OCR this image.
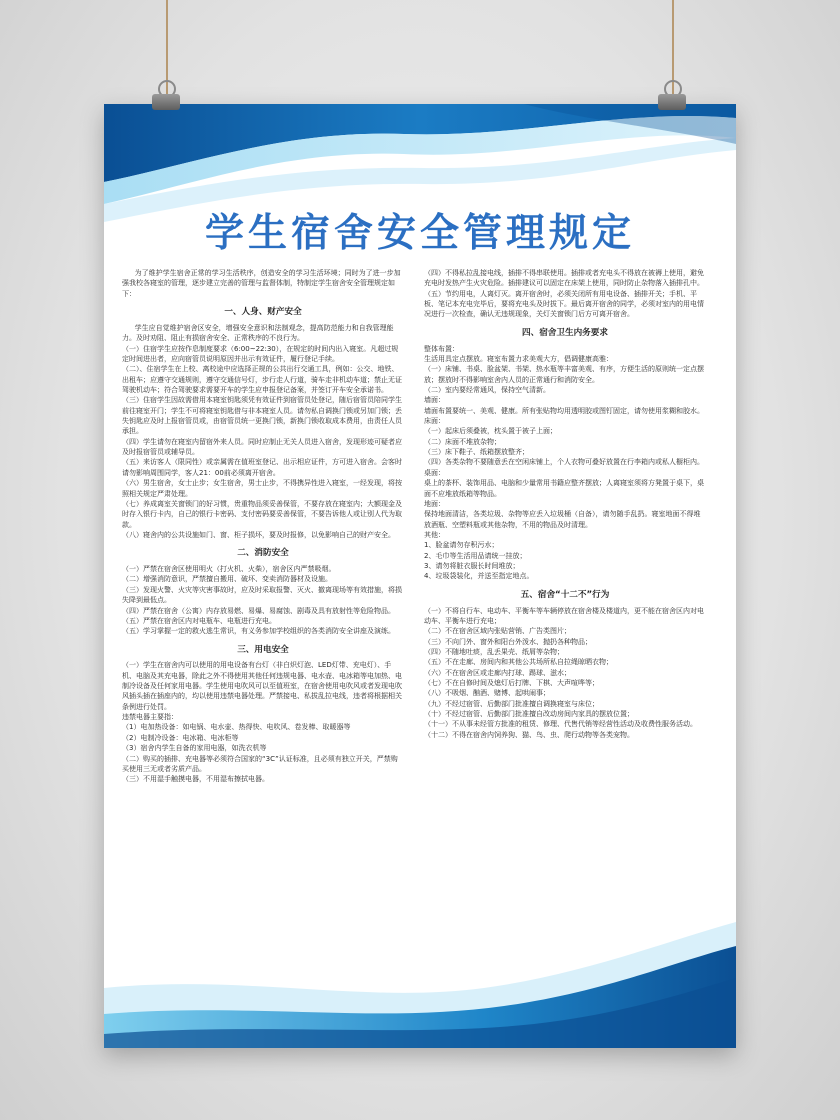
学生宿舍安全管理规定

为了维护学生宿舍正常的学习生活秩序，创造安全的学习生活环境；同时为了进一步加强我校各寝室的管理，逐步建立完善的管理与监督体制，特制定学生宿舍安全管理规定如下：

一、人身、财产安全

学生应自觉维护宿舍区安全，增强安全意识和法制观念，提高防范能力和自我管理能力。及时劝阻、阻止有损宿舍安全、正常秩序的不良行为。

（一）住宿学生应按作息制度要求（6:00~22:30），在规定的时间内出入寝室。凡超过规定时间进出者，应向宿管员说明原因并出示有效证件，履行登记手续。

（二）、住宿学生在上校、离校途中应选择正规的公共出行交通工具，例如：公交、地铁、出租车；应遵守交通规则，遵守交通信号灯，步行走人行道，骑车走非机动车道；禁止无证驾驶机动车；符合驾驶要求需要开车的学生应申报登记备案，并签订开车安全承诺书。

（三）住宿学生因故需借用本寝室钥匙须凭有效证件到宿管员处登记，随后宿管员陪同学生前往寝室开门；学生不可将寝室钥匙借与非本寝室人员。请勿私自调换门锁或另加门锁；丢失钥匙应及时上报宿管员或，由宿管员统一更换门锁，新换门锁收取成本费用，由责任人员承担。

（四）学生请勿在寝室内留宿外来人员。同时应制止无关人员进入宿舍，发现形迹可疑者应及时报宿管员或辅导员。

（五）来访客人（限同性）或亲属需在值班室登记、出示相应证件，方可进入宿舍。会客时请勿影响周围同学，客人21：00前必须离开宿舍。

（六）男生宿舍，女士止步；女生宿舍，男士止步，不得携异性进入寝室，一经发现，将按照相关规定严肃处理。

（七）养成离室关窗锁门的好习惯，贵重物品须妥善保管，不要存放在寝室内；大额现金及时存入银行卡内，自己的银行卡密码、支付密码要妥善保管，不要告诉他人或让别人代为取款。

（八）寝舍内的公共设施如门、窗、柜子损坏，要及时报修，以免影响自己的财产安全。

二、消防安全

（一）严禁在宿舍区使用明火（打火机、火柴），宿舍区内严禁吸烟。

（二）增强消防意识，严禁擅自搬用、破坏、变卖消防器材及设施。

（三）发现火警、火灾等灾害事故时，应及时采取报警、灭火、撤离现场等有效措施，将损失降到最低点。

（四）严禁在宿舍（公寓）内存放易燃、易爆、易腐蚀、剧毒及具有放射性等危险物品。

（五）严禁在宿舍区内对电瓶车、电瓶进行充电。

（五）学习掌握一定的救火逃生常识，有义务参加学校组织的各类消防安全讲座及演练。

三、用电安全

（一）学生在宿舍内可以使用的用电设备有台灯（非白炽灯泡、LED灯带、充电灯）、手机、电脑及其充电器，除此之外不得使用其他任何违规电器、电水壶、电冰箱等电加热、电制冷设备及任何家用电器。学生使用电吹风可以至值班室，在宿舍使用电吹风或者发现电吹风插头插在插座内的，均以使用违禁电器处理。严禁接电、私拔乱拉电线，违者将根据相关条例进行处罚。

违禁电器主要指：

（1）电加热设备：如电锅、电水壶、热得快、电吹风、卷发棒、取暖器等

（2）电制冷设备：电冰箱、电冰柜等

（3）宿舍内学生自备的家用电器，如洗衣机等

（二）购买的插排、充电器等必须符合国家的“3C”认证标准，且必须有独立开关，严禁购买使用三无或者劣质产品。

（三）不用湿手触摸电器，不用湿布擦拭电器。

（四）不得私拉乱接电线，插排不得串联使用。插排或者充电头不得放在被褥上使用，避免充电时发热产生火灾危险。插排建议可以固定在床架上使用，同时防止杂物落入插排孔中。

（五）节约用电，人离灯灭。离开宿舍时，必须关闭所有用电设备、插排开关；手机、平板、笔记本充电完毕后，要将充电头及时拔下。最后离开宿舍的同学，必须对室内的用电情况进行一次检查，确认无违规现象，关灯关窗锁门后方可离开宿舍。

四、宿舍卫生内务要求

整体布置：

生活用具定点摆放。寝室布置力求美观大方，倡调健康高雅：

（一）床铺、书桌、脸盆架、书架、热水瓶等丰富美观、有序，方便生活的原则统一定点摆放；摆放时不得影响室舍内人员的正常通行和消防安全。

（二）室内要经常通风，保持空气清新。

墙面：

墙面布置要统一、美观、健康。所有张贴物均用透明胶或图钉固定，请勿使用浆糊和胶水。

床面：

（一）起床后须叠被，枕头置于被子上面；

（二）床面不堆放杂物；

（三）床下鞋子、纸箱摆放整齐；

（四）各类杂物不要随意丢在空闲床铺上，个人衣物可叠好放置在行李箱内或私人橱柜内。

桌面：

桌上的茶杯、装饰用品、电脑和少量常用书籍应整齐摆放；人离寝室须将方凳置于桌下，桌面不应堆放纸箱等物品。

地面：

保持地面清洁，各类垃圾、杂物等应丢入垃圾桶（自备），请勿随手乱扔。寝室地面不得堆放酒瓶、空塑料瓶或其他杂物，不用的物品及时清理。

其他：

1、脸盆请勿存积污水；

2、毛巾等生活用品请统一挂放；

3、请勿将脏衣服长时间堆放；

4、垃圾袋装化，并送至指定地点。

五、宿舍“十二不”行为

（一）不将自行车、电动车、平衡车等车辆停放在宿舍楼及楼道内，更不能在宿舍区内对电动车、平衡车进行充电；

（二）不在宿舍区域内张贴营销、广告类图片；

（三）不向门外、窗外和阳台外泼水、抛扔各种物品；

（四）不随地吐痰，乱丢果壳、纸屑等杂物；

（五）不在走廊、房间内和其他公共场所私自拉绳晾晒衣物；

（六）不在宿舍区或走廊内打球、踢球、滋水；

（七）不在自修时间及熄灯后打牌、下棋、大声喧哗等；

（八）不吸烟、酗酒、赌博、起哄闹事；

（九）不经过宿管、后勤部门批准擅自调换寝室与床位；

（十）不经过宿管、后勤部门批准擅自改动房间内家具的摆放位置；

（十一）不从事未经管方批准的租赁、修理、代售代销等经营性活动及收费性服务活动。

（十二）不得在宿舍内饲养狗、猫、鸟、虫、爬行动物等各类宠物。
